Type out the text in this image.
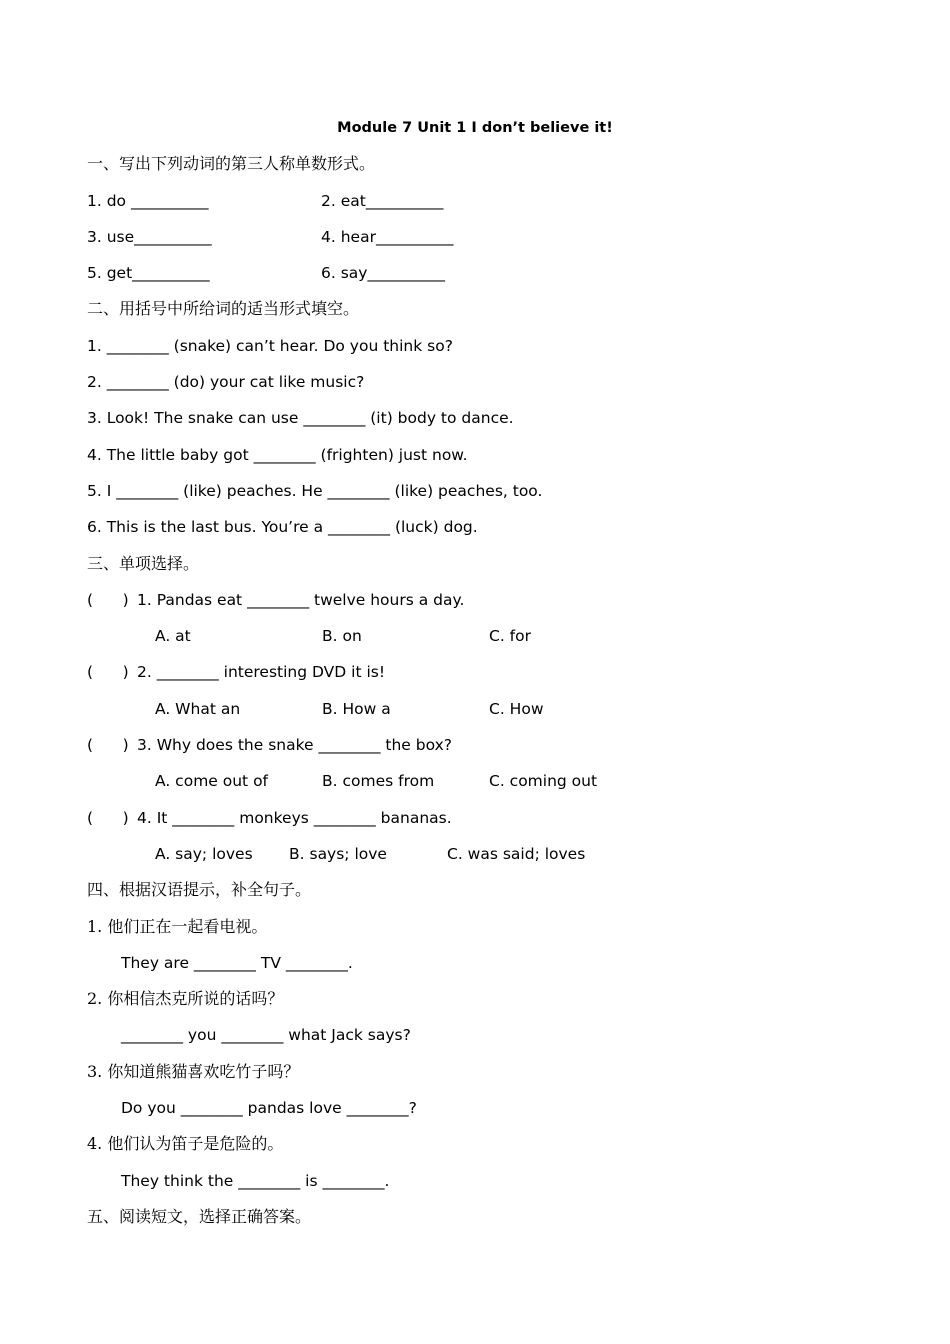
Module 7 Unit 1 I don’t believe it!
一、写出下列动词的第三人称单数形式。

1. do __________

	2. eat__________

3. use__________

	4. hear__________

5. get__________

	6. say__________

二、用括号中所给词的适当形式填空。
1. ________ (snake) can’t hear. Do you think so?
2. ________ (do) your cat like music?
3. Look! The snake can use ________ (it) body to dance.
4. The little baby got ________ (frighten) just now.
5. I ________ (like) peaches. He ________ (like) peaches, too.
6. This is the last bus. You’re a ________ (luck) dog.
三、单项选择。

(      )

1. Pandas eat ________ twelve hours a day.

A. at

	B. on

	C. for

(      )

2. ________ interesting DVD it is!

A. What an

	B. How a

	C. How

(      )

3. Why does the snake ________ the box?

A. come out of

	B. comes from

	C. coming out

(      )

4. It ________ monkeys ________ bananas.

A. say; loves

B. says; love

	C. was said; loves

四、根据汉语提示，补全句子。
1. 他们正在一起看电视。
They are ________ TV ________.
2. 你相信杰克所说的话吗？
________ you ________ what Jack says?
3. 你知道熊猫喜欢吃竹子吗？
Do you ________ pandas love ________?
4. 他们认为笛子是危险的。
They think the ________ is ________.
五、阅读短文，选择正确答案。
